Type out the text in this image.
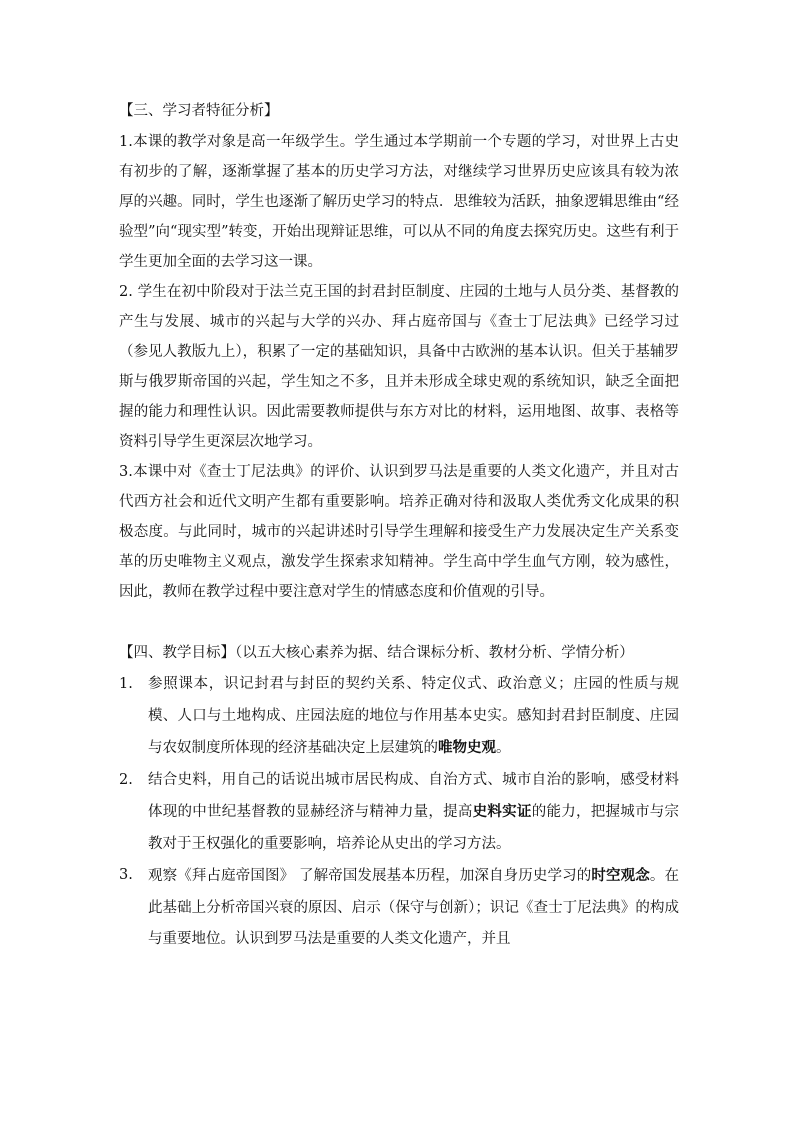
【三、学习者特征分析】

1.本课的教学对象是高一年级学生。学生通过本学期前一个专题的学习，对世界上古史有初步的了解，逐渐掌握了基本的历史学习方法，对继续学习世界历史应该具有较为浓厚的兴趣。同时，学生也逐渐了解历史学习的特点．思维较为活跃，抽象逻辑思维由“经验型”向“现实型”转变，开始出现辩证思维，可以从不同的角度去探究历史。这些有利于学生更加全面的去学习这一课。

2. 学生在初中阶段对于法兰克王国的封君封臣制度、庄园的土地与人员分类、基督教的产生与发展、城市的兴起与大学的兴办、拜占庭帝国与《查士丁尼法典》已经学习过（参见人教版九上），积累了一定的基础知识，具备中古欧洲的基本认识。但关于基辅罗斯与俄罗斯帝国的兴起，学生知之不多，且并未形成全球史观的系统知识，缺乏全面把握的能力和理性认识。因此需要教师提供与东方对比的材料，运用地图、故事、表格等资料引导学生更深层次地学习。

3.本课中对《查士丁尼法典》的评价、认识到罗马法是重要的人类文化遗产，并且对古代西方社会和近代文明产生都有重要影响。培养正确对待和汲取人类优秀文化成果的积极态度。与此同时，城市的兴起讲述时引导学生理解和接受生产力发展决定生产关系变革的历史唯物主义观点，激发学生探索求知精神。学生高中学生血气方刚，较为感性，因此，教师在教学过程中要注意对学生的情感态度和价值观的引导。

【四、教学目标】（以五大核心素养为据、结合课标分析、教材分析、学情分析）

1. 参照课本，识记封君与封臣的契约关系、特定仪式、政治意义；庄园的性质与规模、人口与土地构成、庄园法庭的地位与作用基本史实。感知封君封臣制度、庄园与农奴制度所体现的经济基础决定上层建筑的唯物史观。
2. 结合史料，用自己的话说出城市居民构成、自治方式、城市自治的影响，感受材料体现的中世纪基督教的显赫经济与精神力量，提高史料实证的能力，把握城市与宗教对于王权强化的重要影响，培养论从史出的学习方法。
3. 观察《拜占庭帝国图》 了解帝国发展基本历程，加深自身历史学习的时空观念。在此基础上分析帝国兴衰的原因、启示（保守与创新）；识记《查士丁尼法典》的构成与重要地位。认识到罗马法是重要的人类文化遗产，并且
